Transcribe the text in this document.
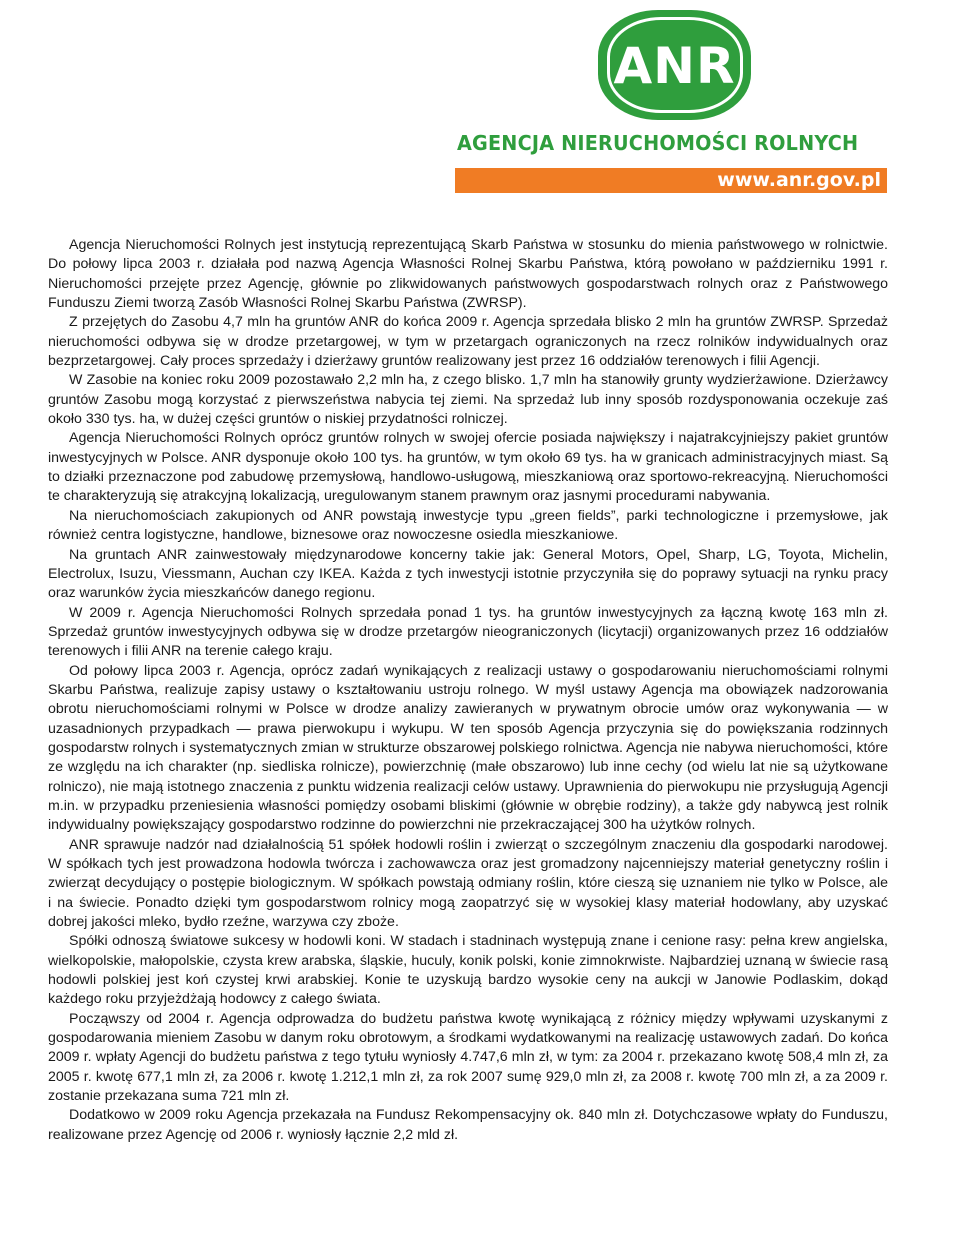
ANR
AGENCJA NIERUCHOMOŚCI ROLNYCH
www.anr.gov.pl

Agencja Nieruchomości Rolnych jest instytucją reprezentującą Skarb Państwa w stosunku do mienia państwowego w rolnictwie. Do połowy lipca 2003 r. działała pod nazwą Agencja Własności Rolnej Skarbu Państwa, którą powołano w październiku 1991 r. Nieruchomości przejęte przez Agencję, głównie po zlikwidowanych państwowych gospodarstwach rolnych oraz z Państwowego Funduszu Ziemi tworzą Zasób Własności Rolnej Skarbu Państwa (ZWRSP).

Z przejętych do Zasobu 4,7 mln ha gruntów ANR do końca 2009 r. Agencja sprzedała blisko 2 mln ha gruntów ZWRSP. Sprzedaż nieruchomości odbywa się w drodze przetargowej, w tym w przetargach ograniczonych na rzecz rolników indywidualnych oraz bezprzetargowej. Cały proces sprzedaży i dzierżawy gruntów realizowany jest przez 16 oddziałów terenowych i filii Agencji.

W Zasobie na koniec roku 2009 pozostawało 2,2 mln ha, z czego blisko. 1,7 mln ha stanowiły grunty wydzierżawione. Dzierżawcy gruntów Zasobu mogą korzystać z pierwszeństwa nabycia tej ziemi. Na sprzedaż lub inny sposób rozdysponowania oczekuje zaś około 330 tys. ha, w dużej części gruntów o niskiej przydatności rolniczej.

Agencja Nieruchomości Rolnych oprócz gruntów rolnych w swojej ofercie posiada największy i najatrakcyjniejszy pakiet gruntów inwestycyjnych w Polsce. ANR dysponuje około 100 tys. ha gruntów, w tym około 69 tys. ha w granicach administracyjnych miast. Są to działki przeznaczone pod zabudowę przemysłową, handlowo-usługową, mieszkaniową oraz sportowo-rekreacyjną. Nieruchomości te charakteryzują się atrakcyjną lokalizacją, uregulowanym stanem prawnym oraz jasnymi procedurami nabywania.

Na nieruchomościach zakupionych od ANR powstają inwestycje typu „green fields”, parki technologiczne i przemysłowe, jak również centra logistyczne, handlowe, biznesowe oraz nowoczesne osiedla mieszkaniowe.

Na gruntach ANR zainwestowały międzynarodowe koncerny takie jak: General Motors, Opel, Sharp, LG, Toyota, Michelin, Electrolux, Isuzu, Viessmann, Auchan czy IKEA. Każda z tych inwestycji istotnie przyczyniła się do poprawy sytuacji na rynku pracy oraz warunków życia mieszkańców danego regionu.

W 2009 r. Agencja Nieruchomości Rolnych sprzedała ponad 1 tys. ha gruntów inwestycyjnych za łączną kwotę 163 mln zł. Sprzedaż gruntów inwestycyjnych odbywa się w drodze przetargów nieograniczonych (licytacji) organizowanych przez 16 oddziałów terenowych i filii ANR na terenie całego kraju.

Od połowy lipca 2003 r. Agencja, oprócz zadań wynikających z realizacji ustawy o gospodarowaniu nieruchomościami rolnymi Skarbu Państwa, realizuje zapisy ustawy o kształtowaniu ustroju rolnego. W myśl ustawy Agencja ma obowiązek nadzorowania obrotu nieruchomościami rolnymi w Polsce w drodze analizy zawieranych w prywatnym obrocie umów oraz wykonywania — w uzasadnionych przypadkach — prawa pierwokupu i wykupu. W ten sposób Agencja przyczynia się do powiększania rodzinnych gospodarstw rolnych i systematycznych zmian w strukturze obszarowej polskiego rolnictwa. Agencja nie nabywa nieruchomości, które ze względu na ich charakter (np. siedliska rolnicze), powierzchnię (małe obszarowo) lub inne cechy (od wielu lat nie są użytkowane rolniczo), nie mają istotnego znaczenia z punktu widzenia realizacji celów ustawy. Uprawnienia do pierwokupu nie przysługują Agencji m.in. w przypadku przeniesienia własności pomiędzy osobami bliskimi (głównie w obrębie rodziny), a także gdy nabywcą jest rolnik indywidualny powiększający gospodarstwo rodzinne do powierzchni nie przekraczającej 300 ha użytków rolnych.

ANR sprawuje nadzór nad działalnością 51 spółek hodowli roślin i zwierząt o szczególnym znaczeniu dla gospodarki narodowej. W spółkach tych jest prowadzona hodowla twórcza i zachowawcza oraz jest gromadzony najcenniejszy materiał genetyczny roślin i zwierząt decydujący o postępie biologicznym. W spółkach powstają odmiany roślin, które cieszą się uznaniem nie tylko w Polsce, ale i na świecie. Ponadto dzięki tym gospodarstwom rolnicy mogą zaopatrzyć się w wysokiej klasy materiał hodowlany, aby uzyskać dobrej jakości mleko, bydło rzeźne, warzywa czy zboże.

Spółki odnoszą światowe sukcesy w hodowli koni. W stadach i stadninach występują znane i cenione rasy: pełna krew angielska, wielkopolskie, małopolskie, czysta krew arabska, śląskie, huculy, konik polski, konie zimnokrwiste. Najbardziej uznaną w świecie rasą hodowli polskiej jest koń czystej krwi arabskiej. Konie te uzyskują bardzo wysokie ceny na aukcji w Janowie Podlaskim, dokąd każdego roku przyjeżdżają hodowcy z całego świata.

Począwszy od 2004 r. Agencja odprowadza do budżetu państwa kwotę wynikającą z różnicy między wpływami uzyskanymi z gospodarowania mieniem Zasobu w danym roku obrotowym, a środkami wydatkowanymi na realizację ustawowych zadań. Do końca 2009 r. wpłaty Agencji do budżetu państwa z tego tytułu wyniosły 4.747,6 mln zł, w tym: za 2004 r. przekazano kwotę 508,4 mln zł, za 2005 r. kwotę 677,1 mln zł, za 2006 r. kwotę 1.212,1 mln zł, za rok 2007 sumę 929,0 mln zł, za 2008 r. kwotę 700 mln zł, a za 2009 r. zostanie przekazana suma 721 mln zł.

Dodatkowo w 2009 roku Agencja przekazała na Fundusz Rekompensacyjny ok. 840 mln zł. Dotychczasowe wpłaty do Funduszu, realizowane przez Agencję od 2006 r. wyniosły łącznie 2,2 mld zł.
